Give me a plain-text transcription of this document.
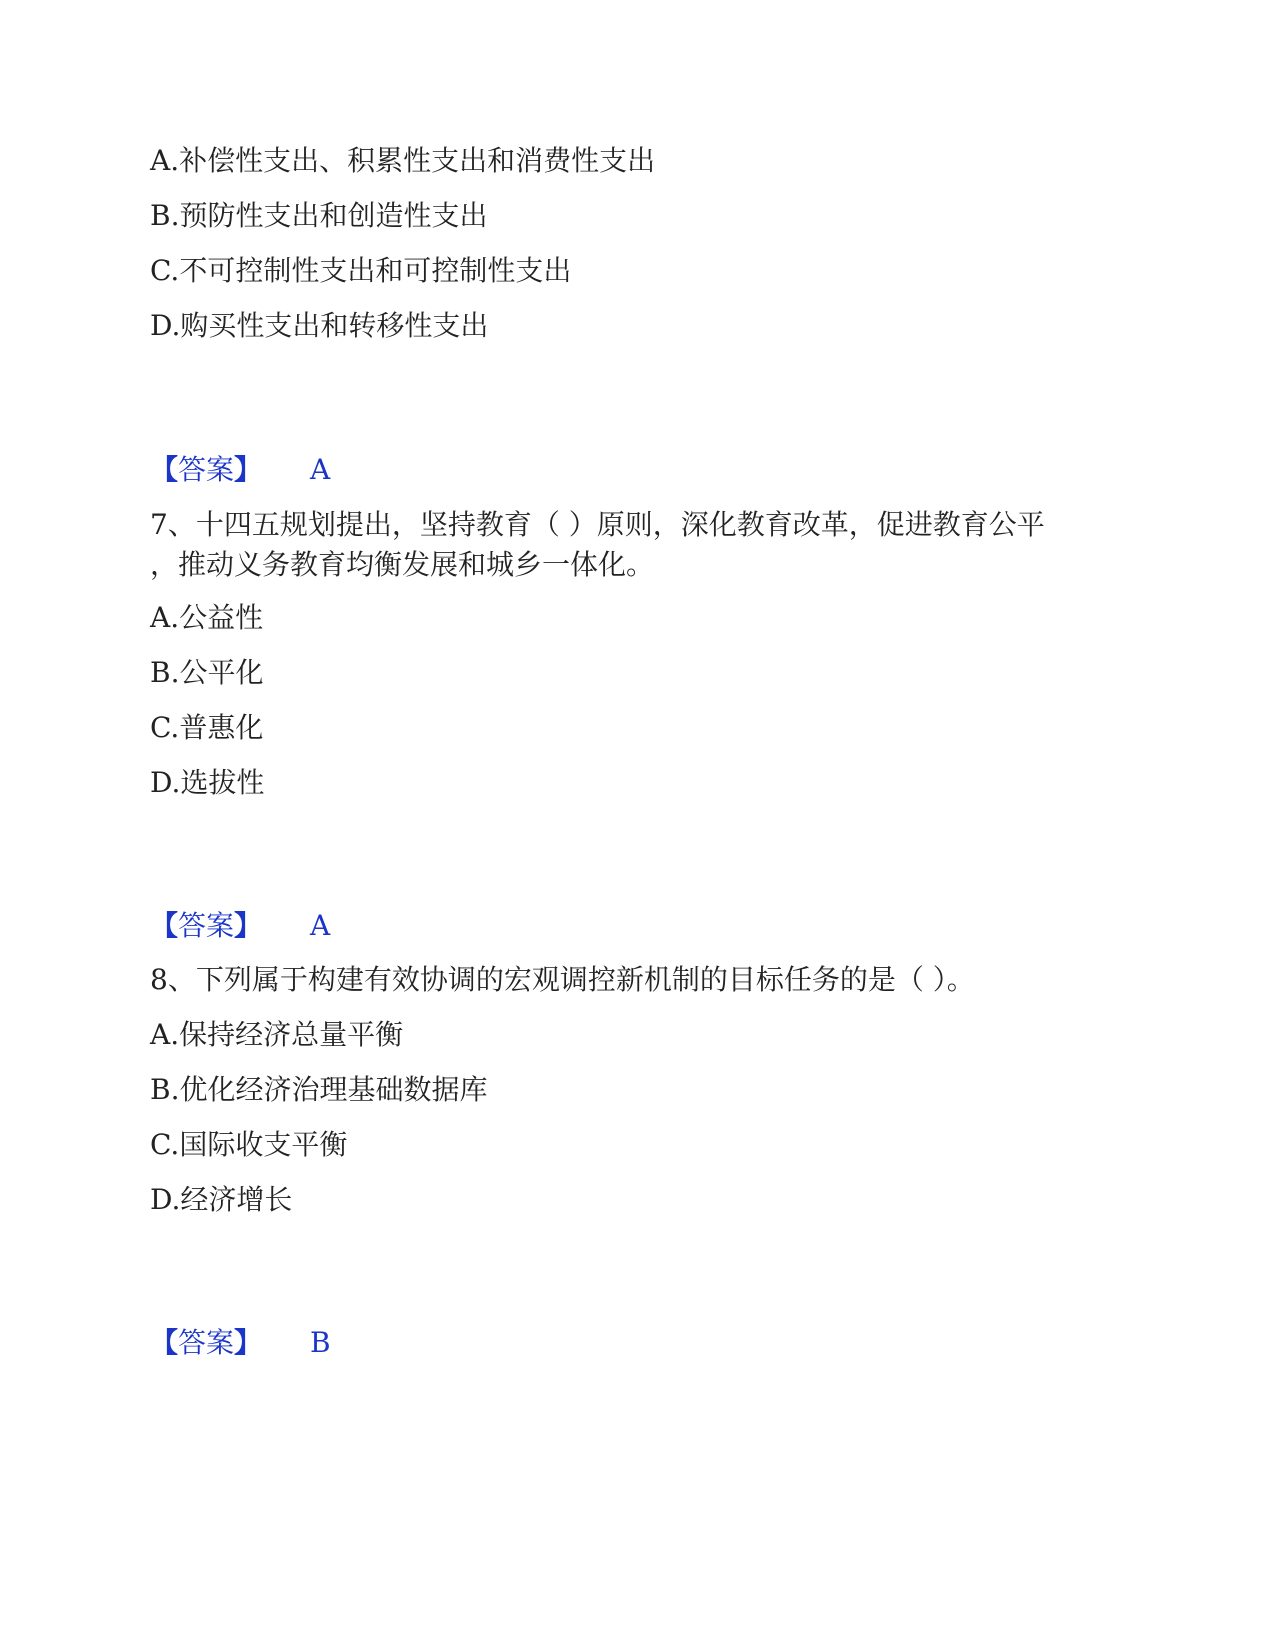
A.补偿性支出、积累性支出和消费性支出
B.预防性支出和创造性支出
C.不可控制性支出和可控制性支出
D.购买性支出和转移性支出
【答案】 A
7、十四五规划提出，坚持教育（ ）原则，深化教育改革，促进教育公平
，推动义务教育均衡发展和城乡一体化。
A.公益性
B.公平化
C.普惠化
D.选拔性
【答案】 A
8、下列属于构建有效协调的宏观调控新机制的目标任务的是（ ）。
A.保持经济总量平衡
B.优化经济治理基础数据库
C.国际收支平衡
D.经济增长
【答案】 B
